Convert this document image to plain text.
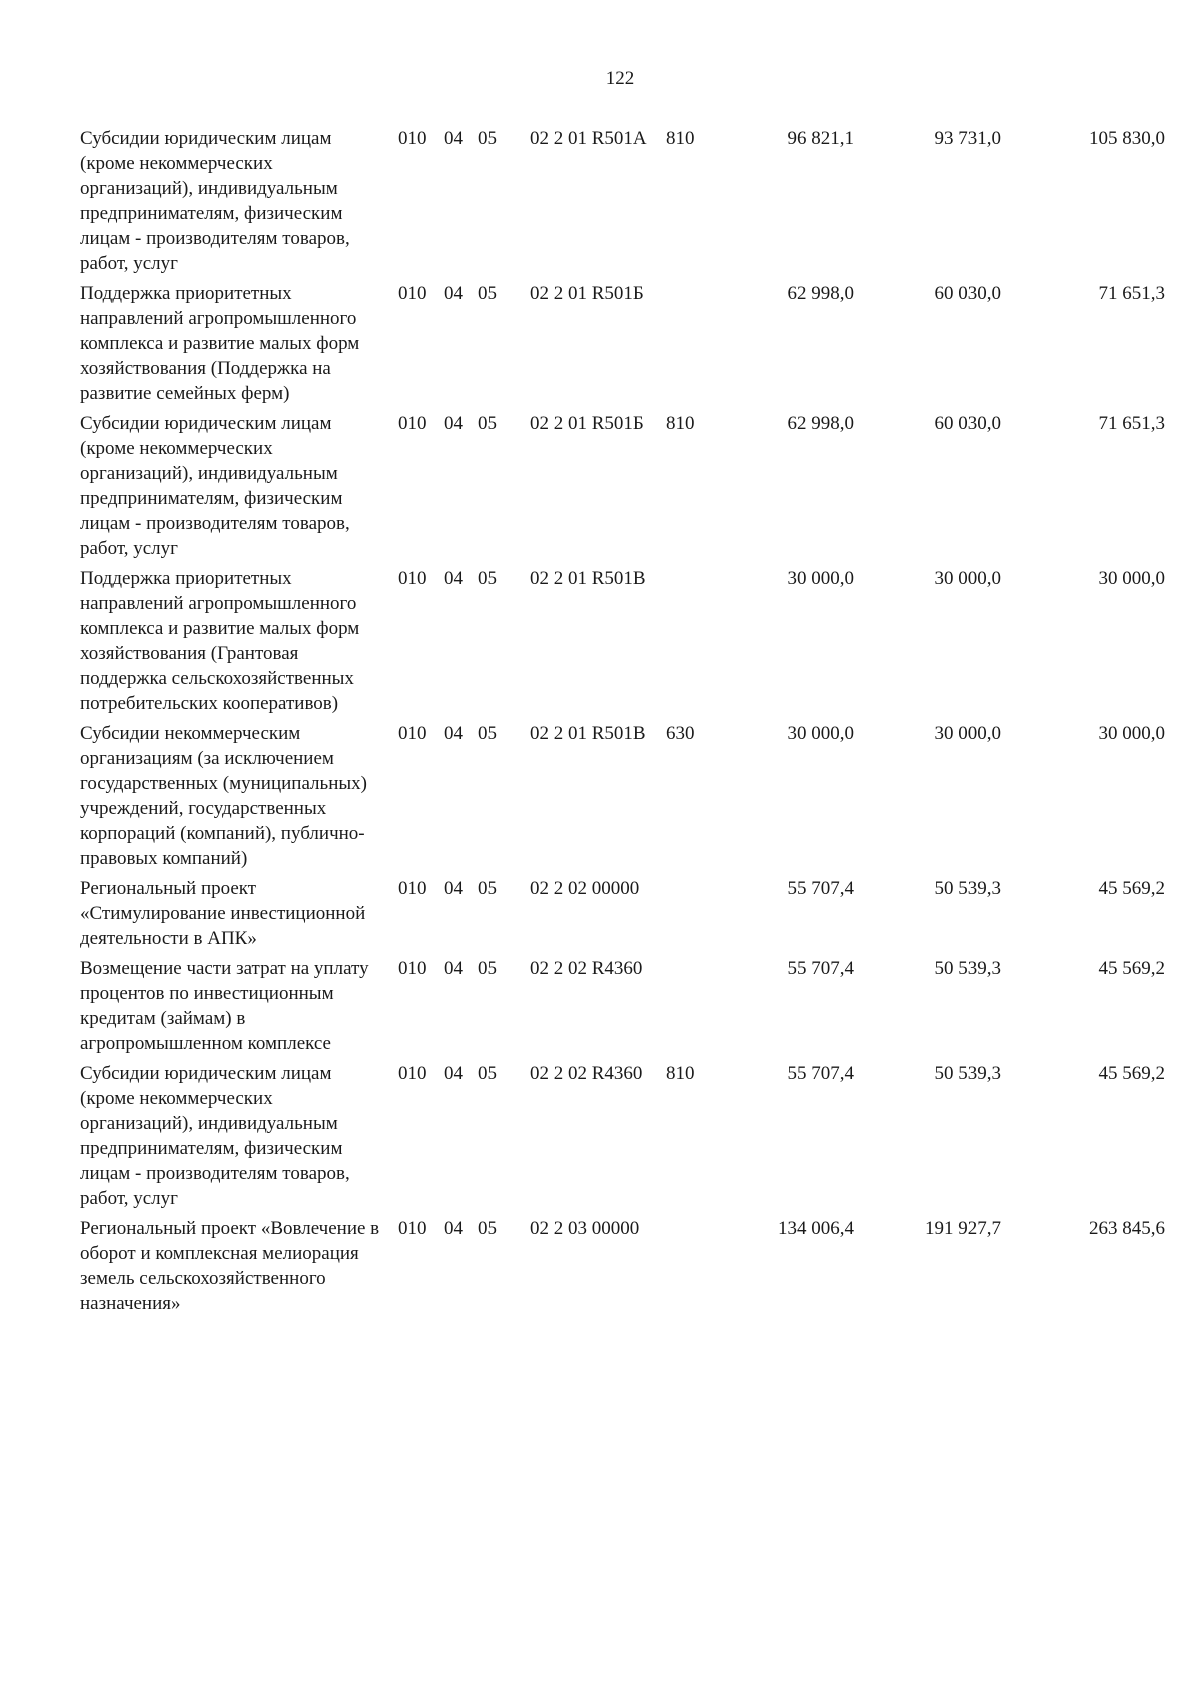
122
Субсидии юридическим лицам (кроме некоммерческих организаций), индивидуальным предпринимателям, физическим лицам - производителям товаров, работ, услуг	010	04	05	02 2 01 R501А	810	96 821,1	93 731,0	105 830,0
Поддержка приоритетных направлений агропромышленного комплекса и развитие малых форм хозяйствования (Поддержка на развитие семейных ферм)	010	04	05	02 2 01 R501Б		62 998,0	60 030,0	71 651,3
Субсидии юридическим лицам (кроме некоммерческих организаций), индивидуальным предпринимателям, физическим лицам - производителям товаров, работ, услуг	010	04	05	02 2 01 R501Б	810	62 998,0	60 030,0	71 651,3
Поддержка приоритетных направлений агропромышленного комплекса и развитие малых форм хозяйствования (Грантовая поддержка сельскохозяйственных потребительских кооперативов)	010	04	05	02 2 01 R501В		30 000,0	30 000,0	30 000,0
Субсидии некоммерческим организациям (за исключением государственных (муниципальных) учреждений, государственных корпораций (компаний), публично-правовых компаний)	010	04	05	02 2 01 R501В	630	30 000,0	30 000,0	30 000,0
Региональный проект «Стимулирование инвестиционной деятельности в АПК»	010	04	05	02 2 02 00000		55 707,4	50 539,3	45 569,2
Возмещение части затрат на уплату процентов по инвестиционным кредитам (займам) в агропромышленном комплексе	010	04	05	02 2 02 R4360		55 707,4	50 539,3	45 569,2
Субсидии юридическим лицам (кроме некоммерческих организаций), индивидуальным предпринимателям, физическим лицам - производителям товаров, работ, услуг	010	04	05	02 2 02 R4360	810	55 707,4	50 539,3	45 569,2
Региональный проект «Вовлечение в оборот и комплексная мелиорация земель сельскохозяйственного назначения»	010	04	05	02 2 03 00000		134 006,4	191 927,7	263 845,6
